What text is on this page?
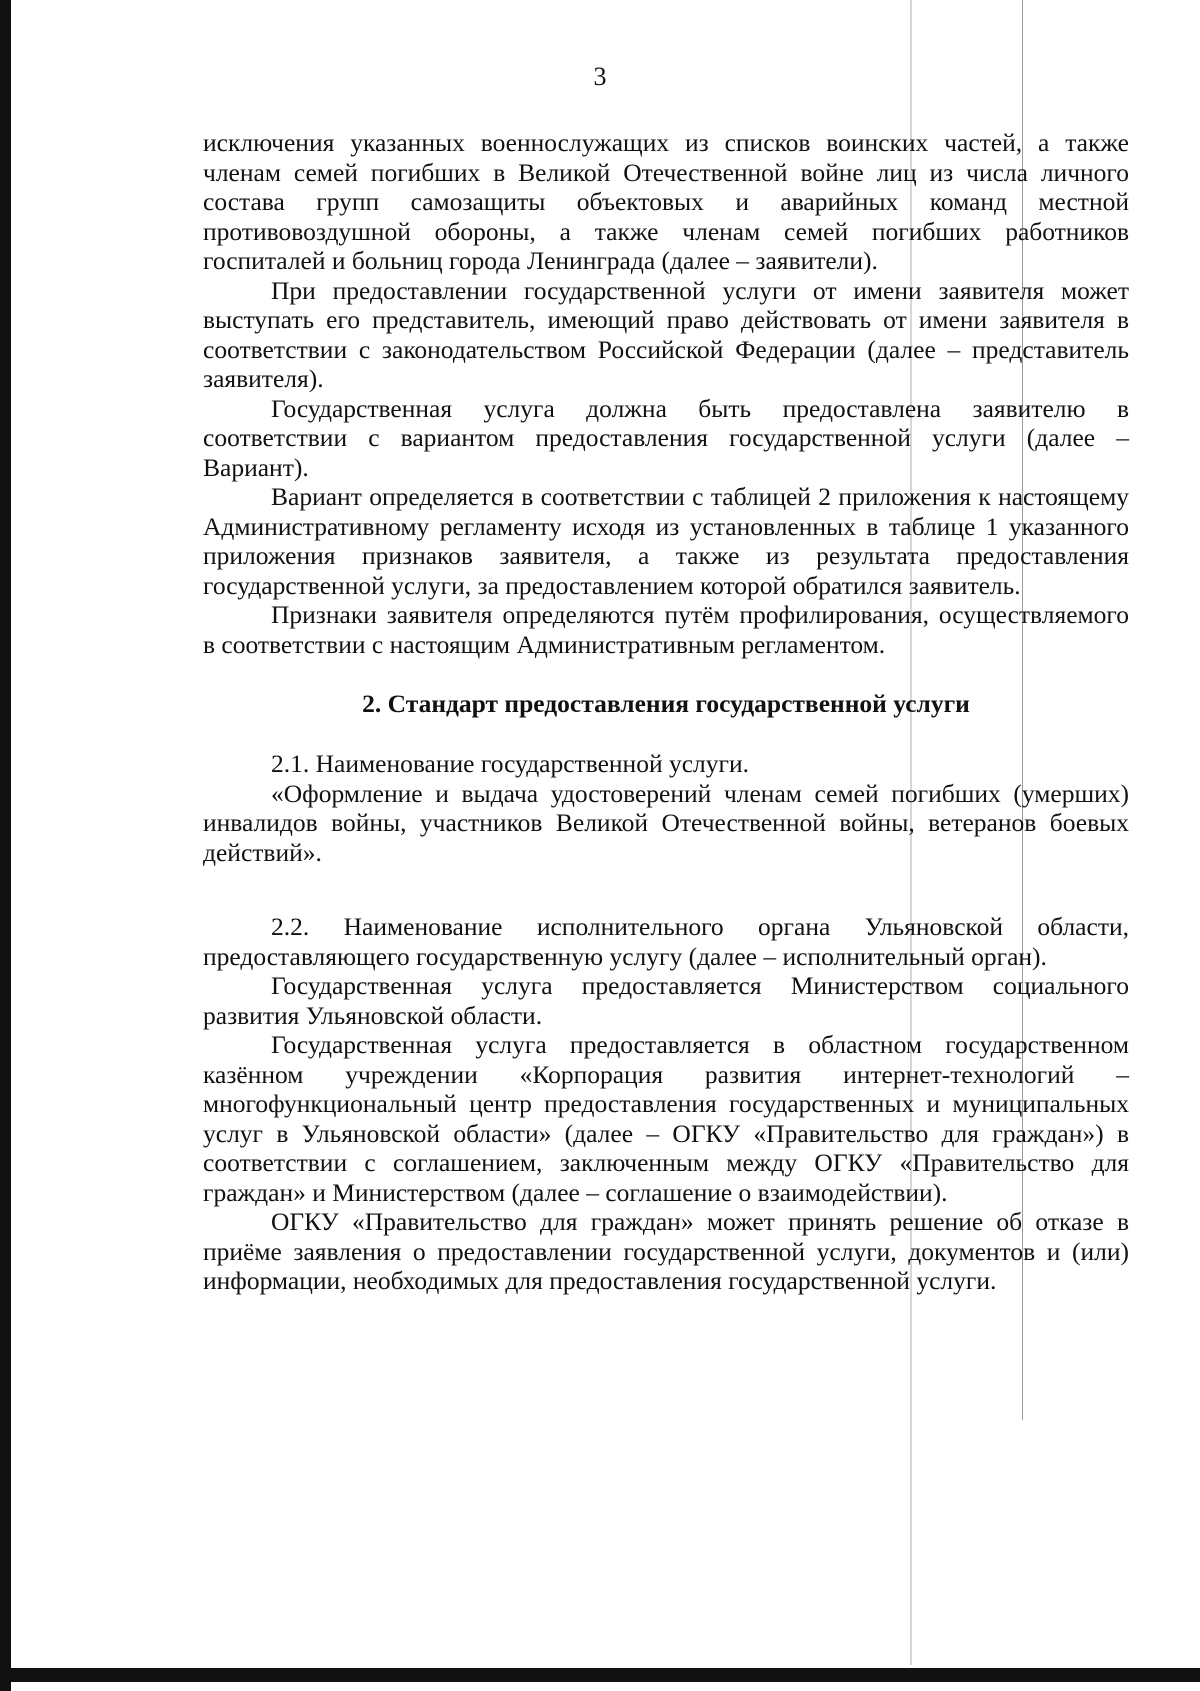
3

исключения указанных военнослужащих из списков воинских частей, а также членам семей погибших в Великой Отечественной войне лиц из числа личного состава групп самозащиты объектовых и аварийных команд местной противовоздушной обороны, а также членам семей погибших работников госпиталей и больниц города Ленинграда (далее – заявители).

При предоставлении государственной услуги от имени заявителя может выступать его представитель, имеющий право действовать от имени заявителя в соответствии с законодательством Российской Федерации (далее – представитель заявителя).

Государственная услуга должна быть предоставлена заявителю в соответствии с вариантом предоставления государственной услуги (далее – Вариант).

Вариант определяется в соответствии с таблицей 2 приложения к настоящему Административному регламенту исходя из установленных в таблице 1 указанного приложения признаков заявителя, а также из результата предоставления государственной услуги, за предоставлением которой обратился заявитель.

Признаки заявителя определяются путём профилирования, осуществляемого в соответствии с настоящим Административным регламентом.

2. Стандарт предоставления государственной услуги

2.1. Наименование государственной услуги.

«Оформление и выдача удостоверений членам семей погибших (умерших) инвалидов войны, участников Великой Отечественной войны, ветеранов боевых действий».

2.2. Наименование исполнительного органа Ульяновской области, предоставляющего государственную услугу (далее – исполнительный орган).

Государственная услуга предоставляется Министерством социального развития Ульяновской области.

Государственная услуга предоставляется в областном государственном казённом учреждении «Корпорация развития интернет-технологий – многофункциональный центр предоставления государственных и муниципальных услуг в Ульяновской области» (далее – ОГКУ «Правительство для граждан») в соответствии с соглашением, заключенным между ОГКУ «Правительство для граждан» и Министерством (далее – соглашение о взаимодействии).

ОГКУ «Правительство для граждан» может принять решение об отказе в приёме заявления о предоставлении государственной услуги, документов и (или) информации, необходимых для предоставления государственной услуги.
